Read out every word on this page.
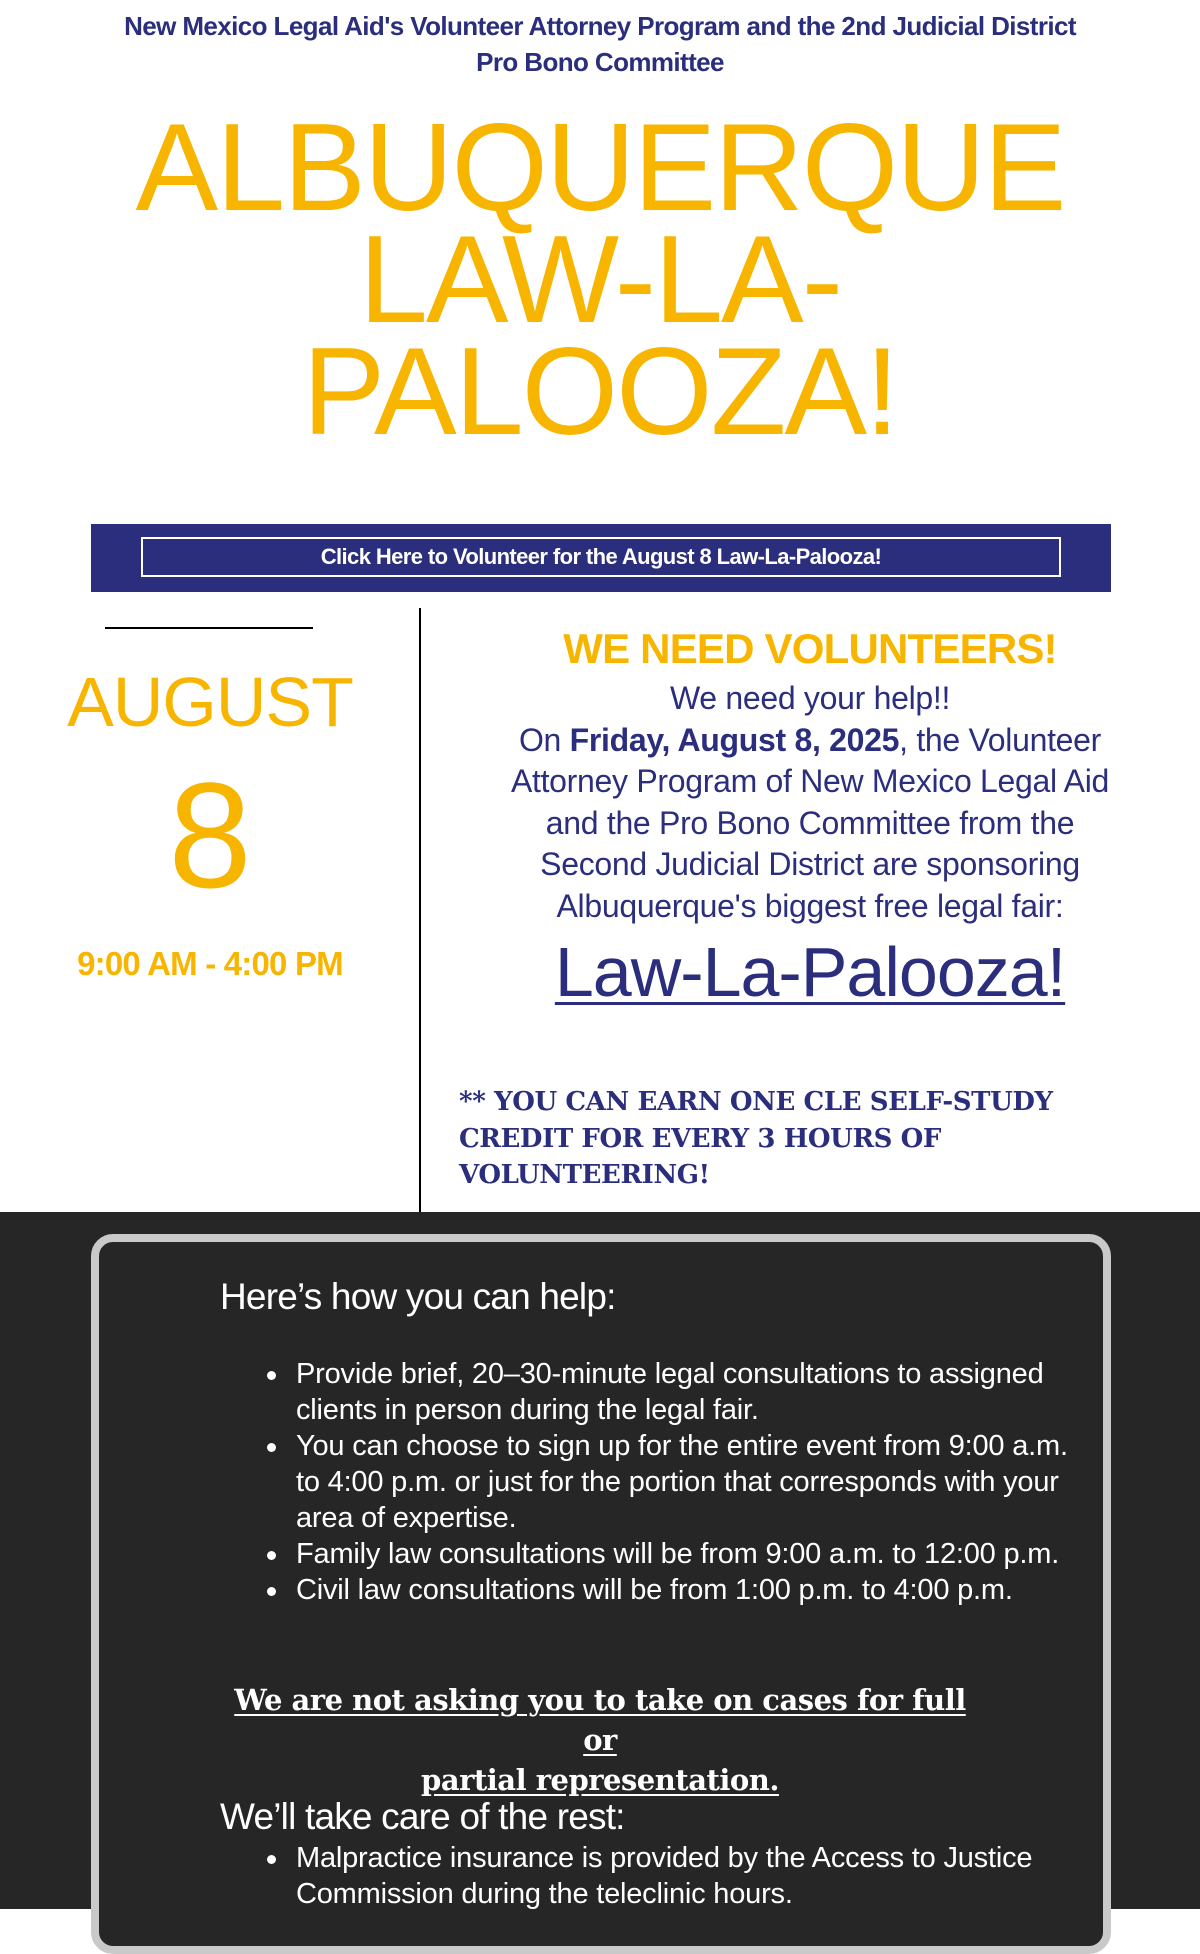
New Mexico Legal Aid's Volunteer Attorney Program and the 2nd Judicial District
Pro Bono Committee
ALBUQUERQUE
LAW-LA-
PALOOZA!
Click Here to Volunteer for the August 8 Law-La-Palooza!
AUGUST
8
9:00 AM - 4:00 PM
WE NEED VOLUNTEERS!
We need your help!!
On Friday, August 8, 2025, the Volunteer
Attorney Program of New Mexico Legal Aid
and the Pro Bono Committee from the
Second Judicial District are sponsoring
Albuquerque's biggest free legal fair:
Law-La-Palooza!
** YOU CAN EARN ONE CLE SELF-STUDY
CREDIT FOR EVERY 3 HOURS OF
VOLUNTEERING!
Here’s how you can help:
Provide brief, 20–30-minute legal consultations to assigned clients in person during the legal fair.
You can choose to sign up for the entire event from 9:00 a.m. to 4:00 p.m. or just for the portion that corresponds with your area of expertise.
Family law consultations will be from 9:00 a.m. to 12:00 p.m.
Civil law consultations will be from 1:00 p.m. to 4:00 p.m.
We are not asking you to take on cases for full or
partial representation.
We’ll take care of the rest:
Malpractice insurance is provided by the Access to Justice Commission during the teleclinic hours.
